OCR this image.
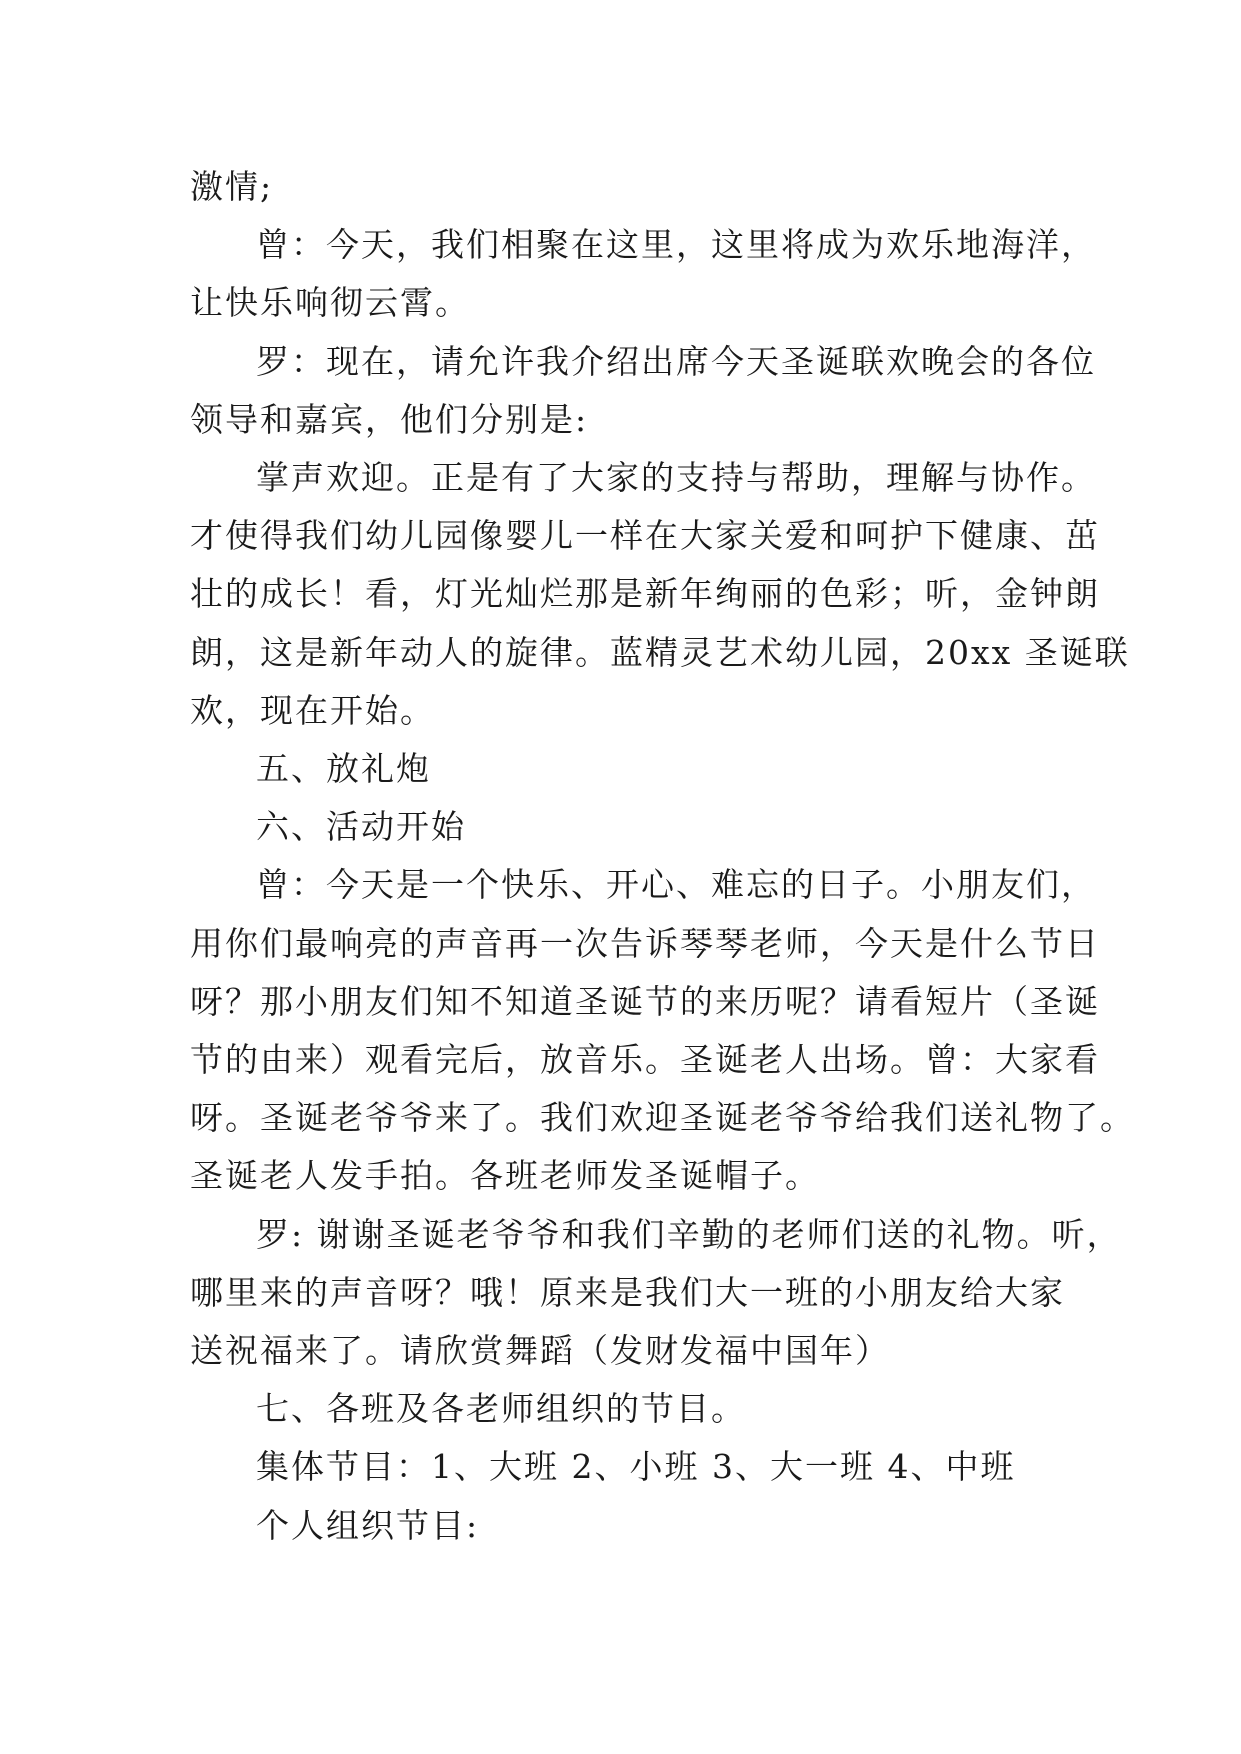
激情;

曾：今天，我们相聚在这里，这里将成为欢乐地海洋，
让快乐响彻云霄。

罗：现在，请允许我介绍出席今天圣诞联欢晚会的各位
领导和嘉宾，他们分别是:

掌声欢迎。正是有了大家的支持与帮助，理解与协作。
才使得我们幼儿园像婴儿一样在大家关爱和呵护下健康、茁
壮的成长！看，灯光灿烂那是新年绚丽的色彩；听，金钟朗
朗，这是新年动人的旋律。蓝精灵艺术幼儿园，20xx 圣诞联
欢，现在开始。

五、放礼炮

六、活动开始

曾：今天是一个快乐、开心、难忘的日子。小朋友们，
用你们最响亮的声音再一次告诉琴琴老师，今天是什么节日
呀？那小朋友们知不知道圣诞节的来历呢？请看短片（圣诞
节的由来）观看完后，放音乐。圣诞老人出场。曾：大家看
呀。圣诞老爷爷来了。我们欢迎圣诞老爷爷给我们送礼物了。
圣诞老人发手拍。各班老师发圣诞帽子。

罗: 谢谢圣诞老爷爷和我们辛勤的老师们送的礼物。听，
哪里来的声音呀？哦！原来是我们大一班的小朋友给大家
送祝福来了。请欣赏舞蹈（发财发福中国年）

七、各班及各老师组织的节目。

集体节目：1、大班 2、小班 3、大一班 4、中班

个人组织节目:
